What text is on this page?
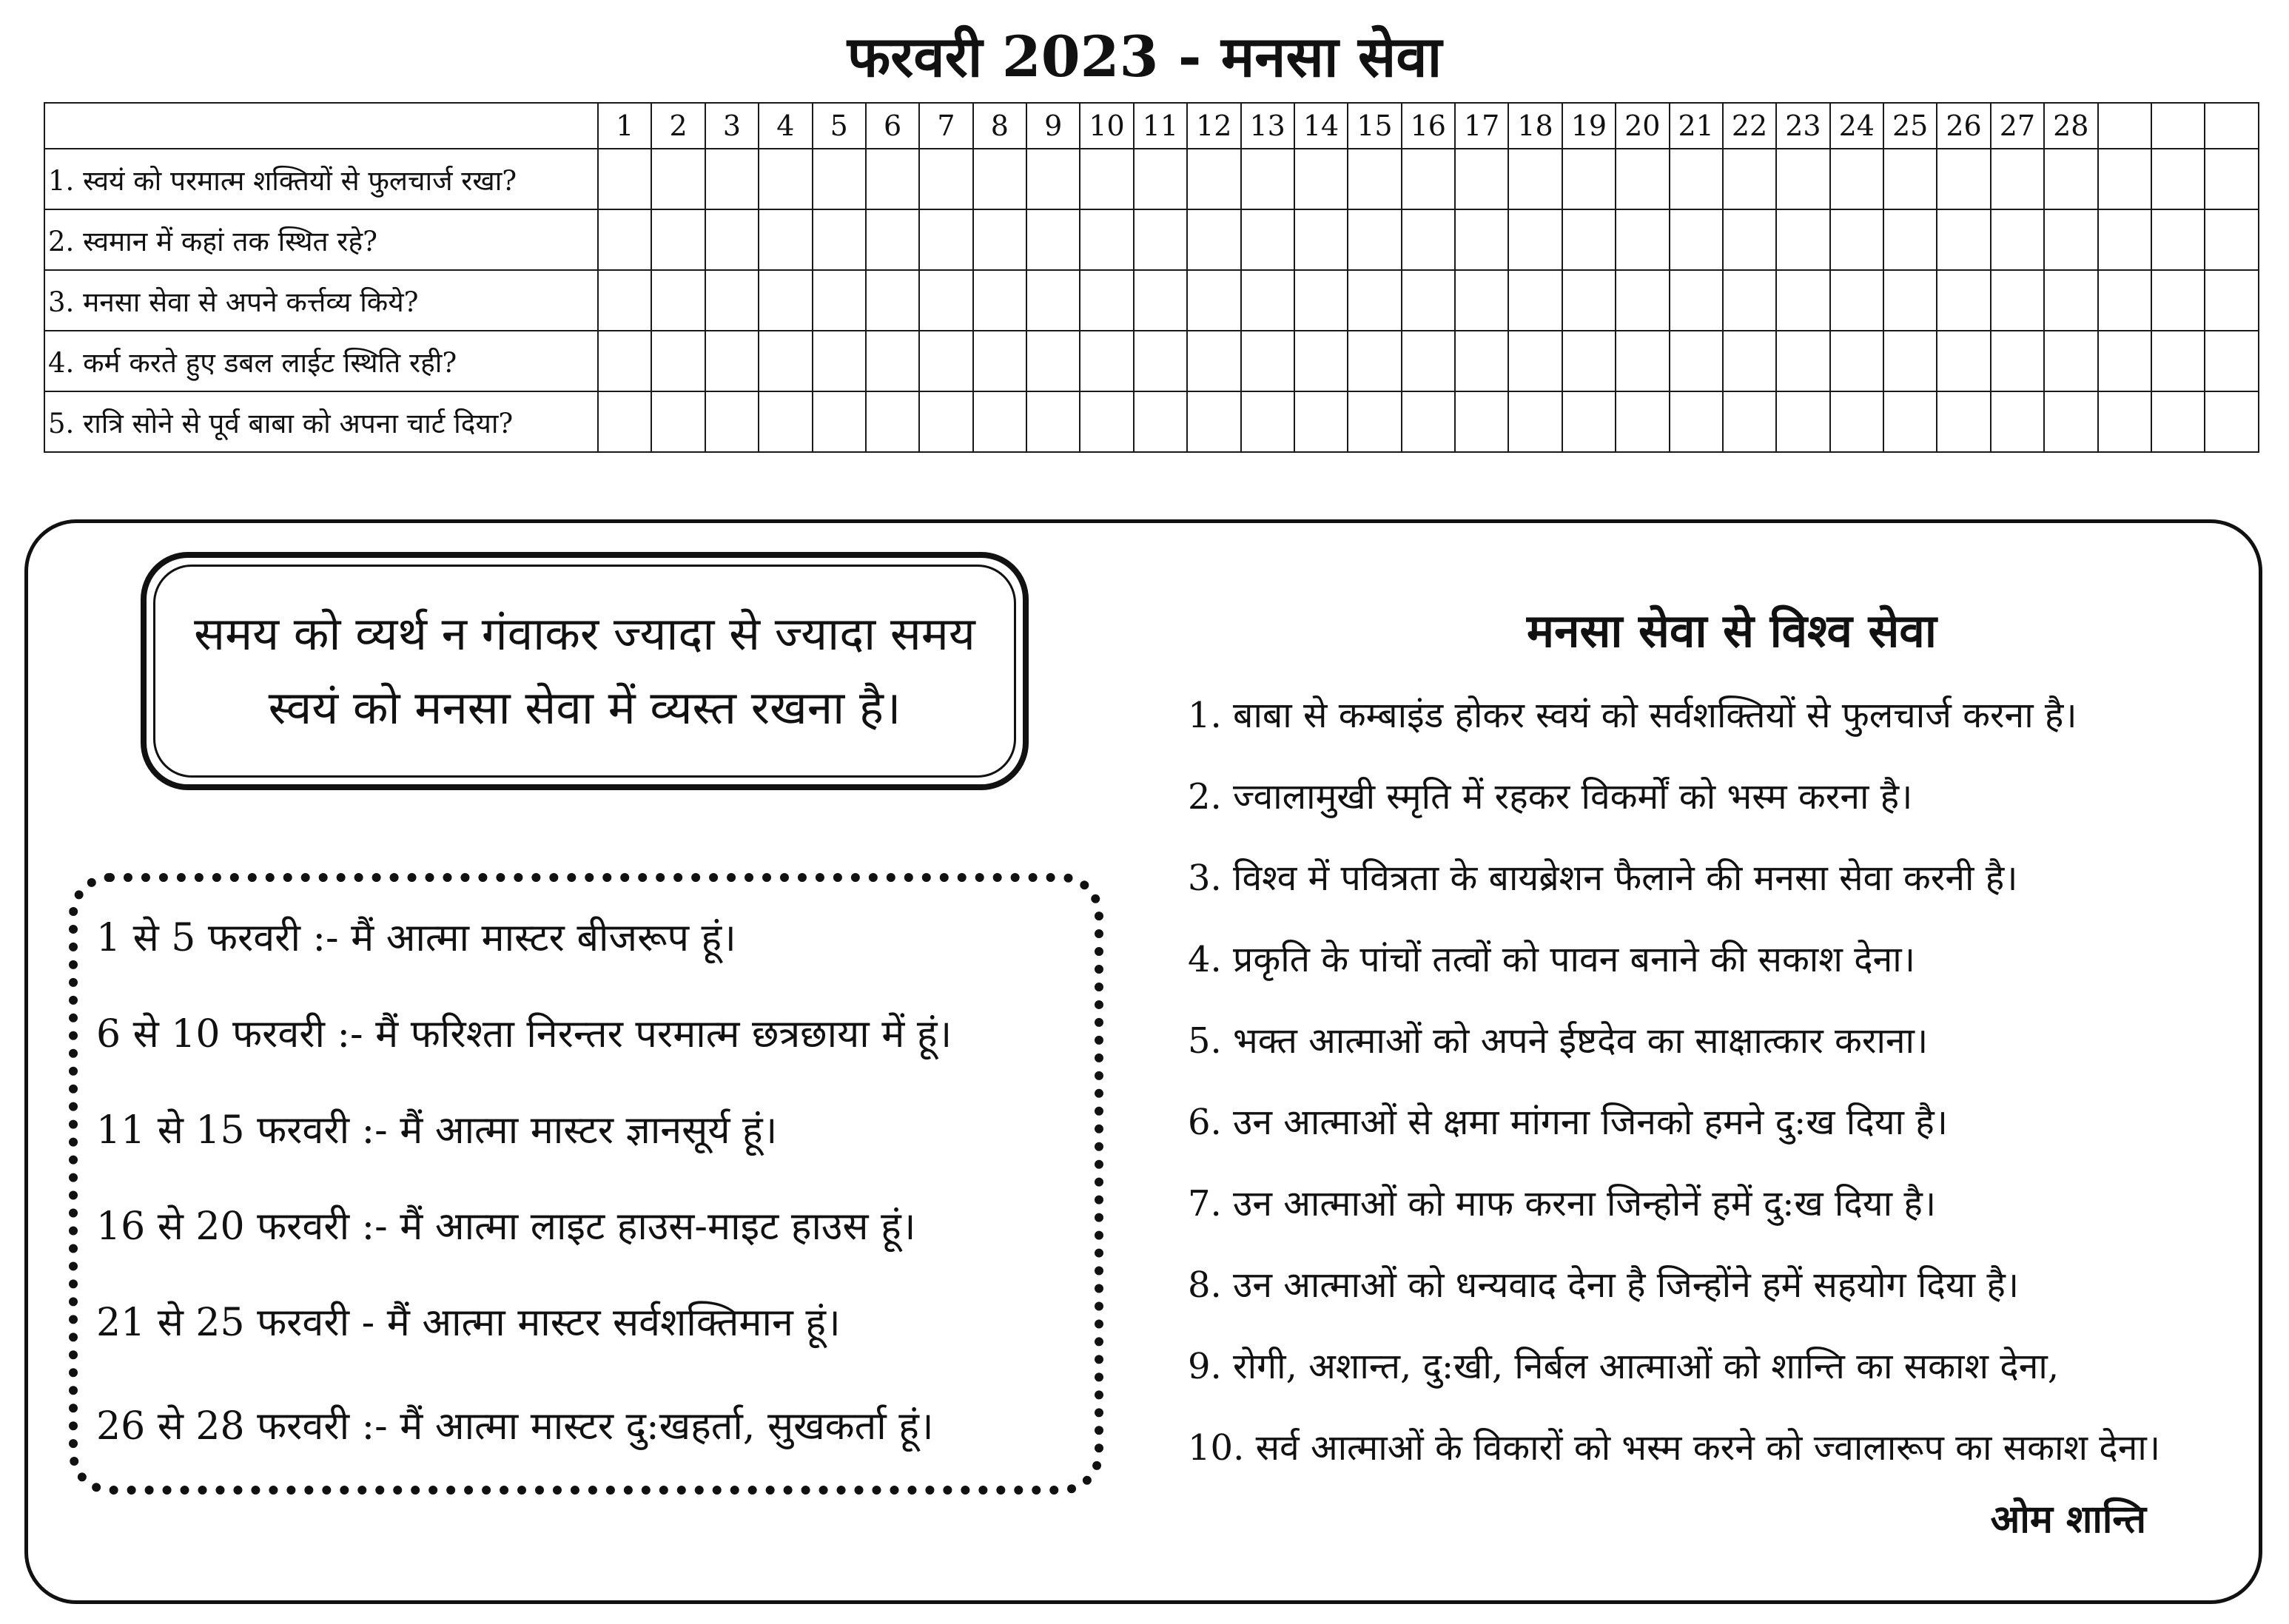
फरवरी 2023 - मनसा सेवा
	1	2	3	4	5	6	7	8	9	10	11	12	13	14	15	16	17	18	19	20	21	22	23	24	25	26	27	28			
1. स्वयं को परमात्म शक्तियों से फुलचार्ज रखा?																															
2. स्वमान में कहां तक स्थित रहे?																															
3. मनसा सेवा से अपने कर्त्तव्य किये?																															
4. कर्म करते हुए डबल लाईट स्थिति रही?																															
5. रात्रि सोने से पूर्व बाबा को अपना चार्ट दिया?																															
समय को व्यर्थ न गंवाकर ज्यादा से ज्यादा समय
स्वयं को मनसा सेवा में व्यस्त रखना है।
1 से 5 फरवरी :- मैं आत्मा मास्टर बीजरूप हूं।
6 से 10 फरवरी :- मैं फरिश्ता निरन्तर परमात्म छत्रछाया में हूं।
11 से 15 फरवरी :- मैं आत्मा मास्टर ज्ञानसूर्य हूं।
16 से 20 फरवरी :- मैं आत्मा लाइट हाउस-माइट हाउस हूं।
21 से 25 फरवरी - मैं आत्मा मास्टर सर्वशक्तिमान हूं।
26 से 28 फरवरी :- मैं आत्मा मास्टर दु:खहर्ता, सुखकर्ता हूं।
मनसा सेवा से विश्व सेवा
1. बाबा से कम्बाइंड होकर स्वयं को सर्वशक्तियों से फुलचार्ज करना है।
2. ज्वालामुखी स्मृति में रहकर विकर्मों को भस्म करना है।
3. विश्व में पवित्रता के बायब्रेशन फैलाने की मनसा सेवा करनी है।
4. प्रकृति के पांचों तत्वों को पावन बनाने की सकाश देना।
5. भक्त आत्माओं को अपने ईष्टदेव का साक्षात्कार कराना।
6. उन आत्माओं से क्षमा मांगना जिनको हमने दु:ख दिया है।
7. उन आत्माओं को माफ करना जिन्होनें हमें दु:ख दिया है।
8. उन आत्माओं को धन्यवाद देना है जिन्होंने हमें सहयोग दिया है।
9. रोगी, अशान्त, दु:खी, निर्बल आत्माओं को शान्ति का सकाश देना,
10. सर्व आत्माओं के विकारों को भस्म करने को ज्वालारूप का सकाश देना।
ओम शान्ति
